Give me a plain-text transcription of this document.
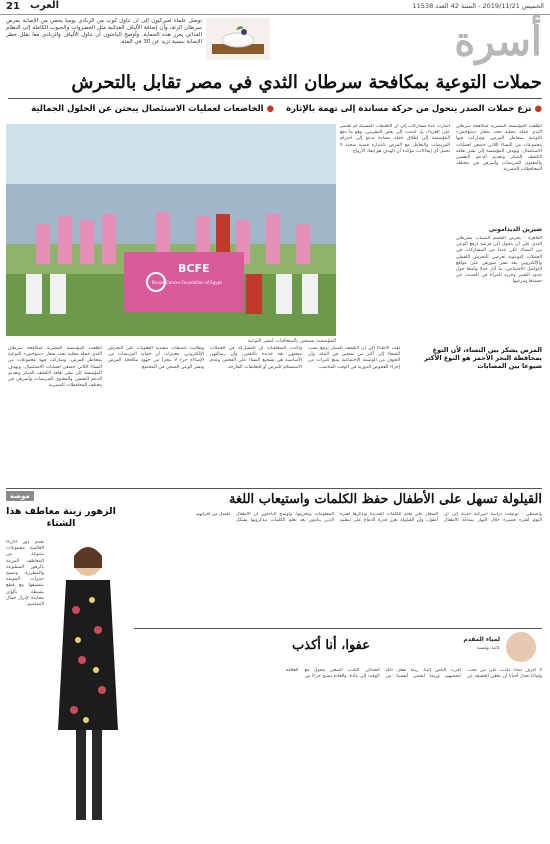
21 العرب	الخميس 2019/11/21 - السنة 42 العدد 11538
توصل علماء أميركيون إلى أن تناول كوب من الزبادي يوميا يحمي من الإصابة بمرض سرطان الرئة، وأن إضافة الألياف الغذائية مثل الخضروات والحبوب الكاملة إلى النظام الغذائي يعزز هذه الحماية. وأوضح الباحثون أن تناول الألياف والزبادي معا يقلل خطر الإصابة بنسبة تزيد عن 30 في المئة.	أسرة
حملات التوعية بمكافحة سرطان الثدي في مصر تقابل بالتحرش
● نزع حملات الصدر يتحول من حركة مساندة إلى تهمة بالإثارة
● الخاضعات لعمليات الاستئصال يبحثن عن الحلول الجمالية
أطلقت المؤسسة المصرية لمكافحة سرطان الثدي حملة محلية تحت شعار «بنتوحش» للتوعية بمخاطر المرض، وشاركت فيها مجموعات من النساء اللاتي خضعن لعمليات الاستئصال. وتهدف المؤسسة إلى نشر ثقافة الكشف المبكر وتقديم الدعم النفسي والمعنوي للمريضات وأسرهن في مختلف المحافظات المصرية.
شيرين الديداموني
القاهرة - يحرص الجسم المصاب بسرطان الثدي على أن يتحول إلى فرصة لرفع الوعي بين النساء، لكن عددا من المشاركات في الحملات التوعوية تعرضن للتحرش اللفظي والإلكتروني بعد نشر صورهن على مواقع التواصل الاجتماعي، ما أثار جدلا واسعا حول حدود التعبير وحرية المرأة في الحديث عن جسدها ومرضها.
أشارت عدة مشاركات إلى أن التعليقات المسيئة لم تقتصر على الغرباء، بل امتدت إلى بعض المقربين، وهو ما دفع المؤسسة إلى إطلاق حملة مضادة تدعو إلى احترام المريضات والتعامل مع المرض باعتباره قضية صحية لا تحمل أي إيحاءات، مؤكدة أن الهدف هو إنقاذ الأرواح.
BCFE
Breast Cancer Foundation of Egypt
المؤسسة تستعين بالمتعافيات لنشر التوعية
المرض يشكر بين النساء، لأن النوع بمحافظة البحر الأحمر هو النوع الأكثر شيوعا بين المصابات
لفت الأطباء إلى أن الكشف المبكر يرفع نسب الشفاء إلى أكثر من تسعين في المئة، وأن الخوف من الوصمة الاجتماعية يمنع كثيرات من إجراء الفحوص الدورية في الوقت المناسب.
وأكدت المتعافيات أن المشاركة في الحملات منحتهن ثقة جديدة بالنفس، وأن رسالتهن الأساسية هي تشجيع النساء على الفحص وعدم الاستسلام للمرض أو للتعليقات الجارحة.
وطالبت ناشطات بتشديد العقوبات على التحرش الإلكتروني، معتبرات أن حماية المريضات من الإساءة جزء لا يتجزأ من جهود مكافحة المرض ونشر الوعي الصحي في المجتمع.
أطلقت المؤسسة المصرية لمكافحة سرطان الثدي حملة محلية تحت شعار «بنتوحش» للتوعية بمخاطر المرض، وشاركت فيها مجموعات من النساء اللاتي خضعن لعمليات الاستئصال. وتهدف المؤسسة إلى نشر ثقافة الكشف المبكر وتقديم الدعم النفسي والمعنوي للمريضات وأسرهن في مختلف المحافظات المصرية.
موضة	القيلولة تسهل على الأطفال حفظ الكلمات واستيعاب اللغة
واشنطن - توصلت دراسة أميركية حديثة إلى أن النوم لفترة قصيرة خلال النهار يساعد الأطفال الصغار على تعلم الكلمات الجديدة وتذكرها لفترة أطول، وأن القيلولة تعزز قدرة الدماغ على تنظيم المعلومات وتخزينها. وأوضح الباحثون أن الأطفال الذين ينامون بعد تعلم الكلمات يتذكرونها بشكل أفضل من أقرانهم.
الزهور زينة معاطف هذا الشتاء
تقدم دور الأزياء العالمية مجموعات متنوعة من المعاطف المزينة بالزهور المطبوعة والمطرزة، وتنصح خبيرات الموضة بتنسيقها مع قطع بسيطة بألوان محايدة لإبراز جمال التصاميم.
عفوا، أنا أكذب	لمياء المقدم
كاتبة تونسية
لا أعرف لماذا نكذب على من نحب، ولماذا نختار أحيانا أن نخفي الحقيقة عن أقرب الناس إلينا. ربما نفعل ذلك لنحميهم، وربما لنحمي أنفسنا من الخذلان. الكذب الصغير يتحول مع الوقت إلى عادة، والعادة تصبح جزءا من العلاقة.
